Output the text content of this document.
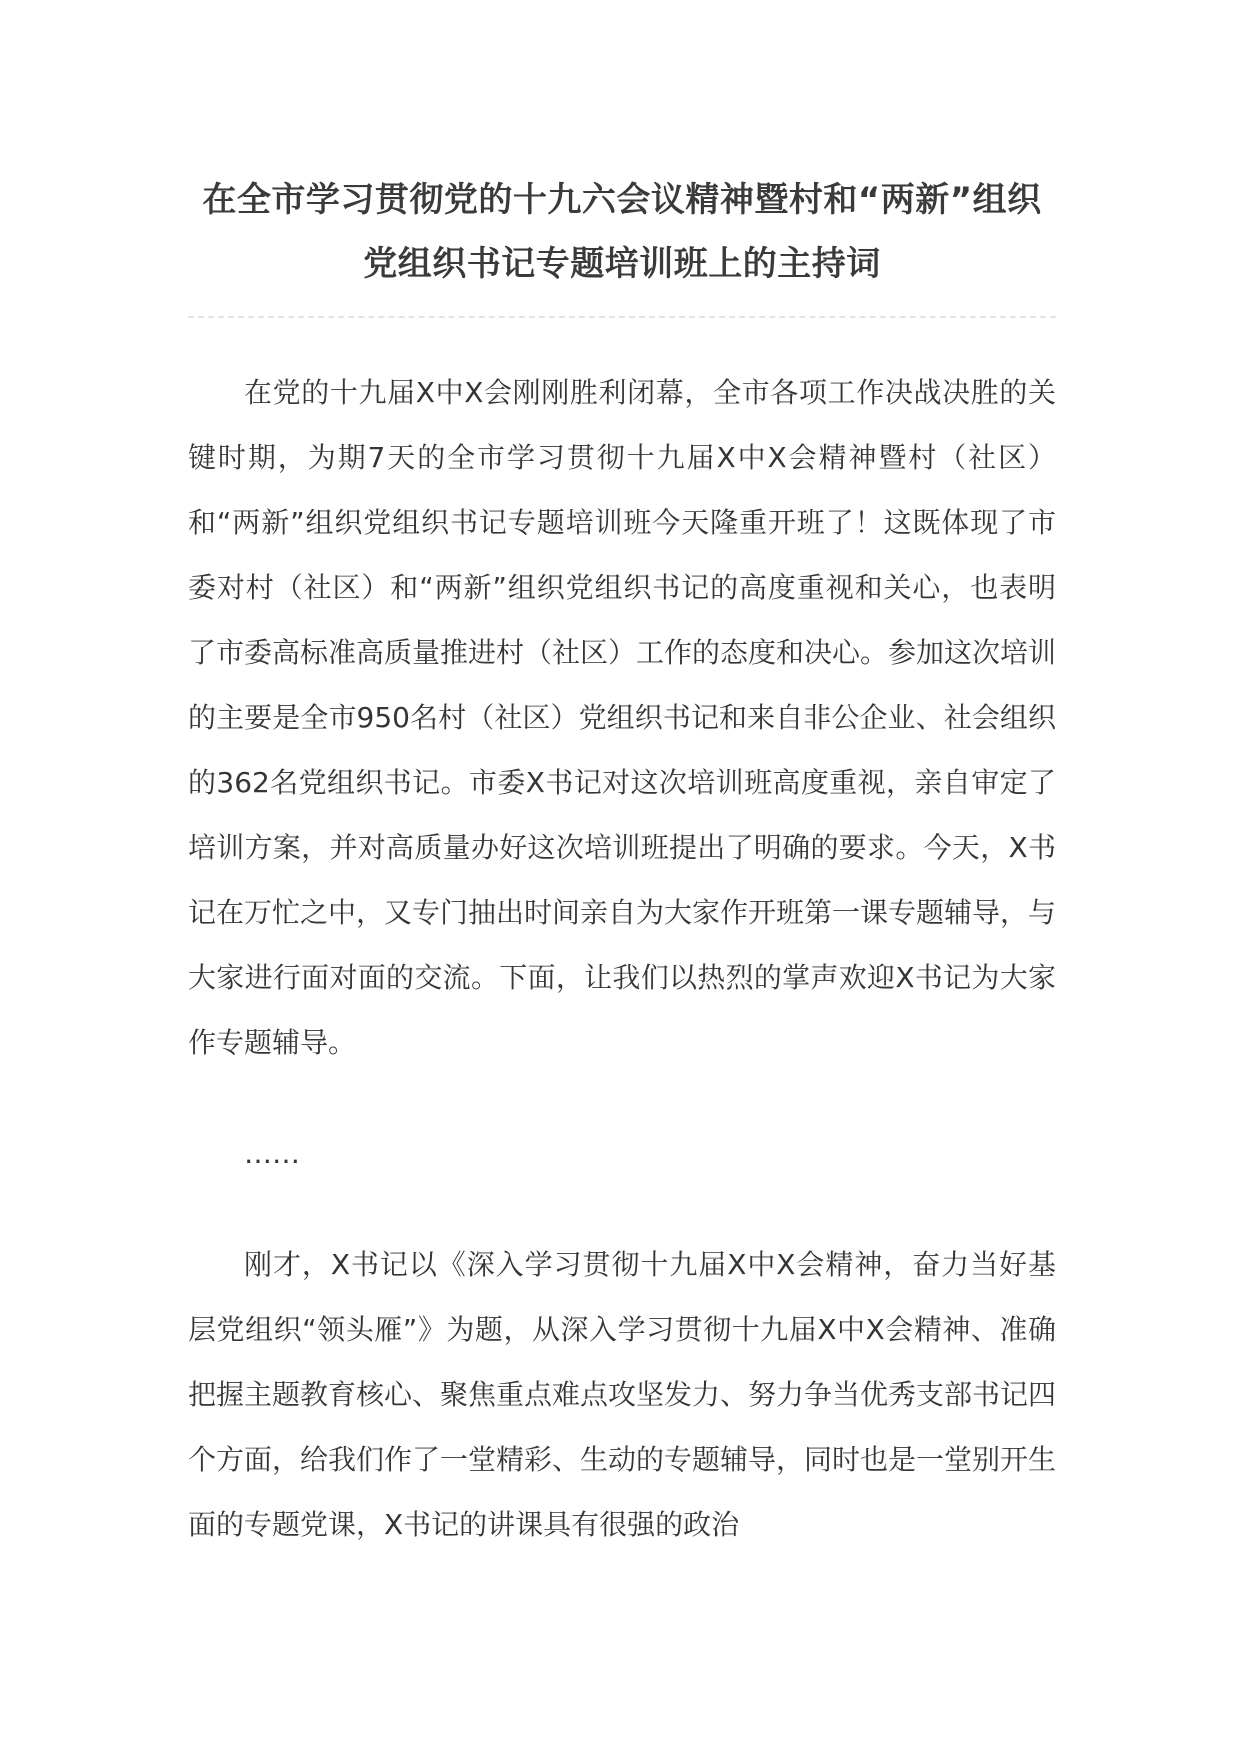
在全市学习贯彻党的十九六会议精神暨村和“两新”组织
党组织书记专题培训班上的主持词

在党的十九届X中X会刚刚胜利闭幕，全市各项工作决战决胜的关键时期，为期7天的全市学习贯彻十九届X中X会精神暨村（社区）和“两新”组织党组织书记专题培训班今天隆重开班了！这既体现了市委对村（社区）和“两新”组织党组织书记的高度重视和关心，也表明了市委高标准高质量推进村（社区）工作的态度和决心。参加这次培训的主要是全市950名村（社区）党组织书记和来自非公企业、社会组织的362名党组织书记。市委X书记对这次培训班高度重视，亲自审定了培训方案，并对高质量办好这次培训班提出了明确的要求。今天，X书记在万忙之中，又专门抽出时间亲自为大家作开班第一课专题辅导，与大家进行面对面的交流。下面，让我们以热烈的掌声欢迎X书记为大家作专题辅导。

……

刚才，X书记以《深入学习贯彻十九届X中X会精神，奋力当好基层党组织“领头雁”》为题，从深入学习贯彻十九届X中X会精神、准确把握主题教育核心、聚焦重点难点攻坚发力、努力争当优秀支部书记四个方面，给我们作了一堂精彩、生动的专题辅导，同时也是一堂别开生面的专题党课，X书记的讲课具有很强的政治
